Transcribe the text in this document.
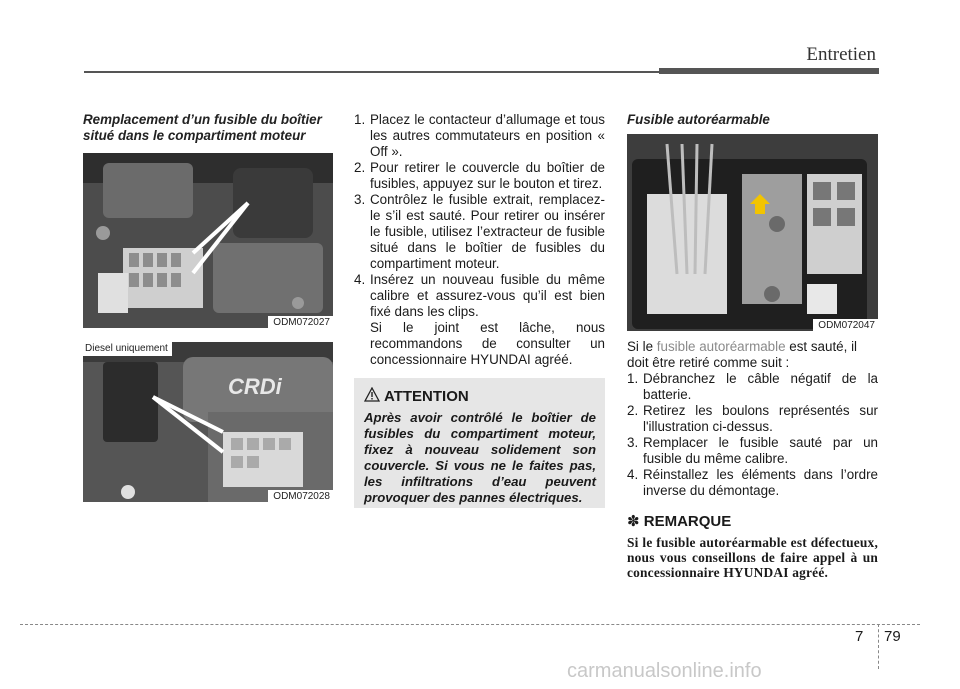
Entretien
Remplacement d’un fusible du boîtier situé dans le compartiment moteur
ODM072027
CRDi
Diesel uniquement
ODM072028
1. Placez le contacteur d’allumage et tous les autres commutateurs en position « Off ».
2. Pour retirer le couvercle du boîtier de fusibles, appuyez sur le bouton et tirez.
3. Contrôlez le fusible extrait, remplacez-le s’il est sauté. Pour retirer ou insérer le fusible, utilisez l’extracteur de fusible situé dans le boîtier de fusibles du compartiment moteur.
4. Insérez un nouveau fusible du même calibre et assurez-vous qu’il est bien fixé dans les clips.

Si le joint est lâche, nous recommandons de consulter un concessionnaire HYUNDAI agréé.

ATTENTION
Après avoir contrôlé le boîtier de fusibles du compartiment moteur, fixez à nouveau solidement son couvercle. Si vous ne le faites pas, les infiltrations d’eau peuvent provoquer des pannes électriques.
Fusible autoréarmable
ODM072047

Si le fusible autoréarmable est sauté, il doit être retiré comme suit :

1. Débranchez le câble négatif de la batterie.
2. Retirez les boulons représentés sur l'illustration ci-dessus.
3. Remplacer le fusible sauté par un fusible du même calibre.
4. Réinstallez les éléments dans l’ordre inverse du démontage.
✽ REMARQUE
Si le fusible autoréarmable est défectueux, nous vous conseillons de faire appel à un concessionnaire HYUNDAI agréé.
7 79
carmanualsonline.info
